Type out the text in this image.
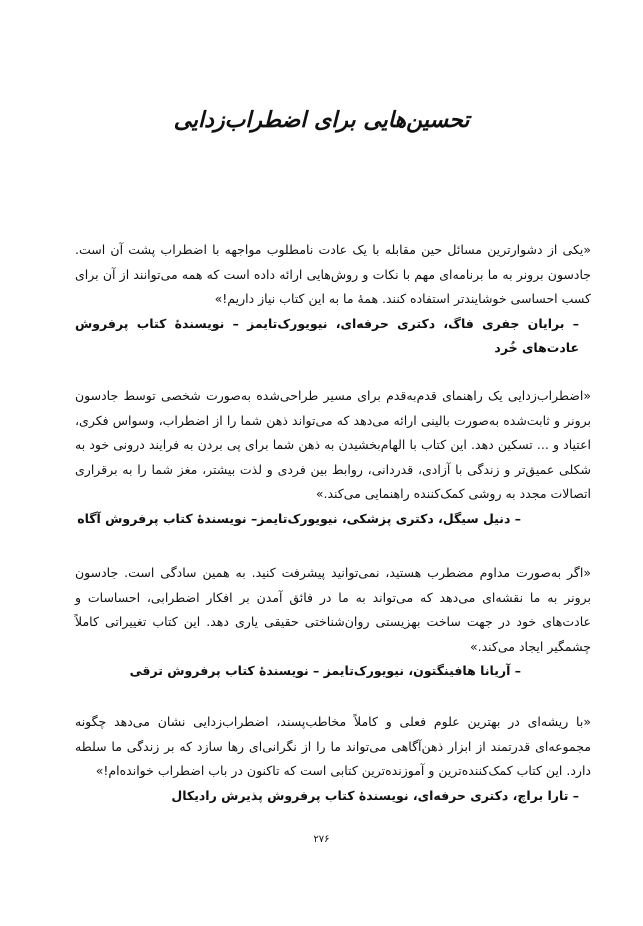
تحسین‌هایی برای اضطراب‌زدایی

«یکی از دشوارترین مسائل حین مقابله با یک عادت نامطلوب مواجهه با اضطراب پشت آن است. جادسون برونر به ما برنامه‌ای مهم با نکات و روش‌هایی ارائه داده است که همه می‌توانند از آن برای کسب احساسی خوشایندتر استفاده کنند. همهٔ ما به این کتاب نیاز داریم!»

– برایان جفری فاگ، دکتری حرفه‌ای، نیویورک‌تایمز – نویسندهٔ کتاب پرفروش عادت‌های خُرد

«اضطراب‌زدایی یک راهنمای قدم‌به‌قدم برای مسیر طراحی‌شده به‌صورت شخصی توسط جادسون برونر و ثابت‌شده به‌صورت بالینی ارائه می‌دهد که می‌تواند ذهن شما را از اضطراب، وسواس فکری، اعتیاد و ... تسکین دهد. این کتاب با الهام‌بخشیدن به ذهن شما برای پی بردن به فرایند درونی خود به شکلی عمیق‌تر و زندگی با آزادی، قدردانی، روابط بین فردی و لذت بیشتر، مغز شما را به برقراری اتصالات مجدد به روشی کمک‌کننده راهنمایی می‌کند.»

– دنیل سیگل، دکتری پزشکی، نیویورک‌تایمز– نویسندهٔ کتاب پرفروش آگاه

«اگر به‌صورت مداوم مضطرب هستید، نمی‌توانید پیشرفت کنید. به همین سادگی است. جادسون برونر به ما نقشه‌ای می‌دهد که می‌تواند به ما در فائق آمدن بر افکار اضطرابی، احساسات و عادت‌های خود در جهت ساخت بهزیستی روان‌شناختی حقیقی یاری دهد. این کتاب تغییراتی کاملاً چشمگیر ایجاد می‌کند.»

– آریانا هافینگتون، نیویورک‌تایمز – نویسندهٔ کتاب پرفروش ترقی

«با ریشه‌ای در بهترین علوم فعلی و کاملاً مخاطب‌پسند، اضطراب‌زدایی نشان می‌دهد چگونه مجموعه‌ای قدرتمند از ابزار ذهن‌آگاهی می‌تواند ما را از نگرانی‌ای رها سازد که بر زندگی ما سلطه دارد. این کتاب کمک‌کننده‌ترین و آموزنده‌ترین کتابی است که تاکنون در باب اضطراب خوانده‌ام!»

– تارا براچ، دکتری حرفه‌ای، نویسندهٔ کتاب پرفروش پذیرش رادیکال

۲۷۶
